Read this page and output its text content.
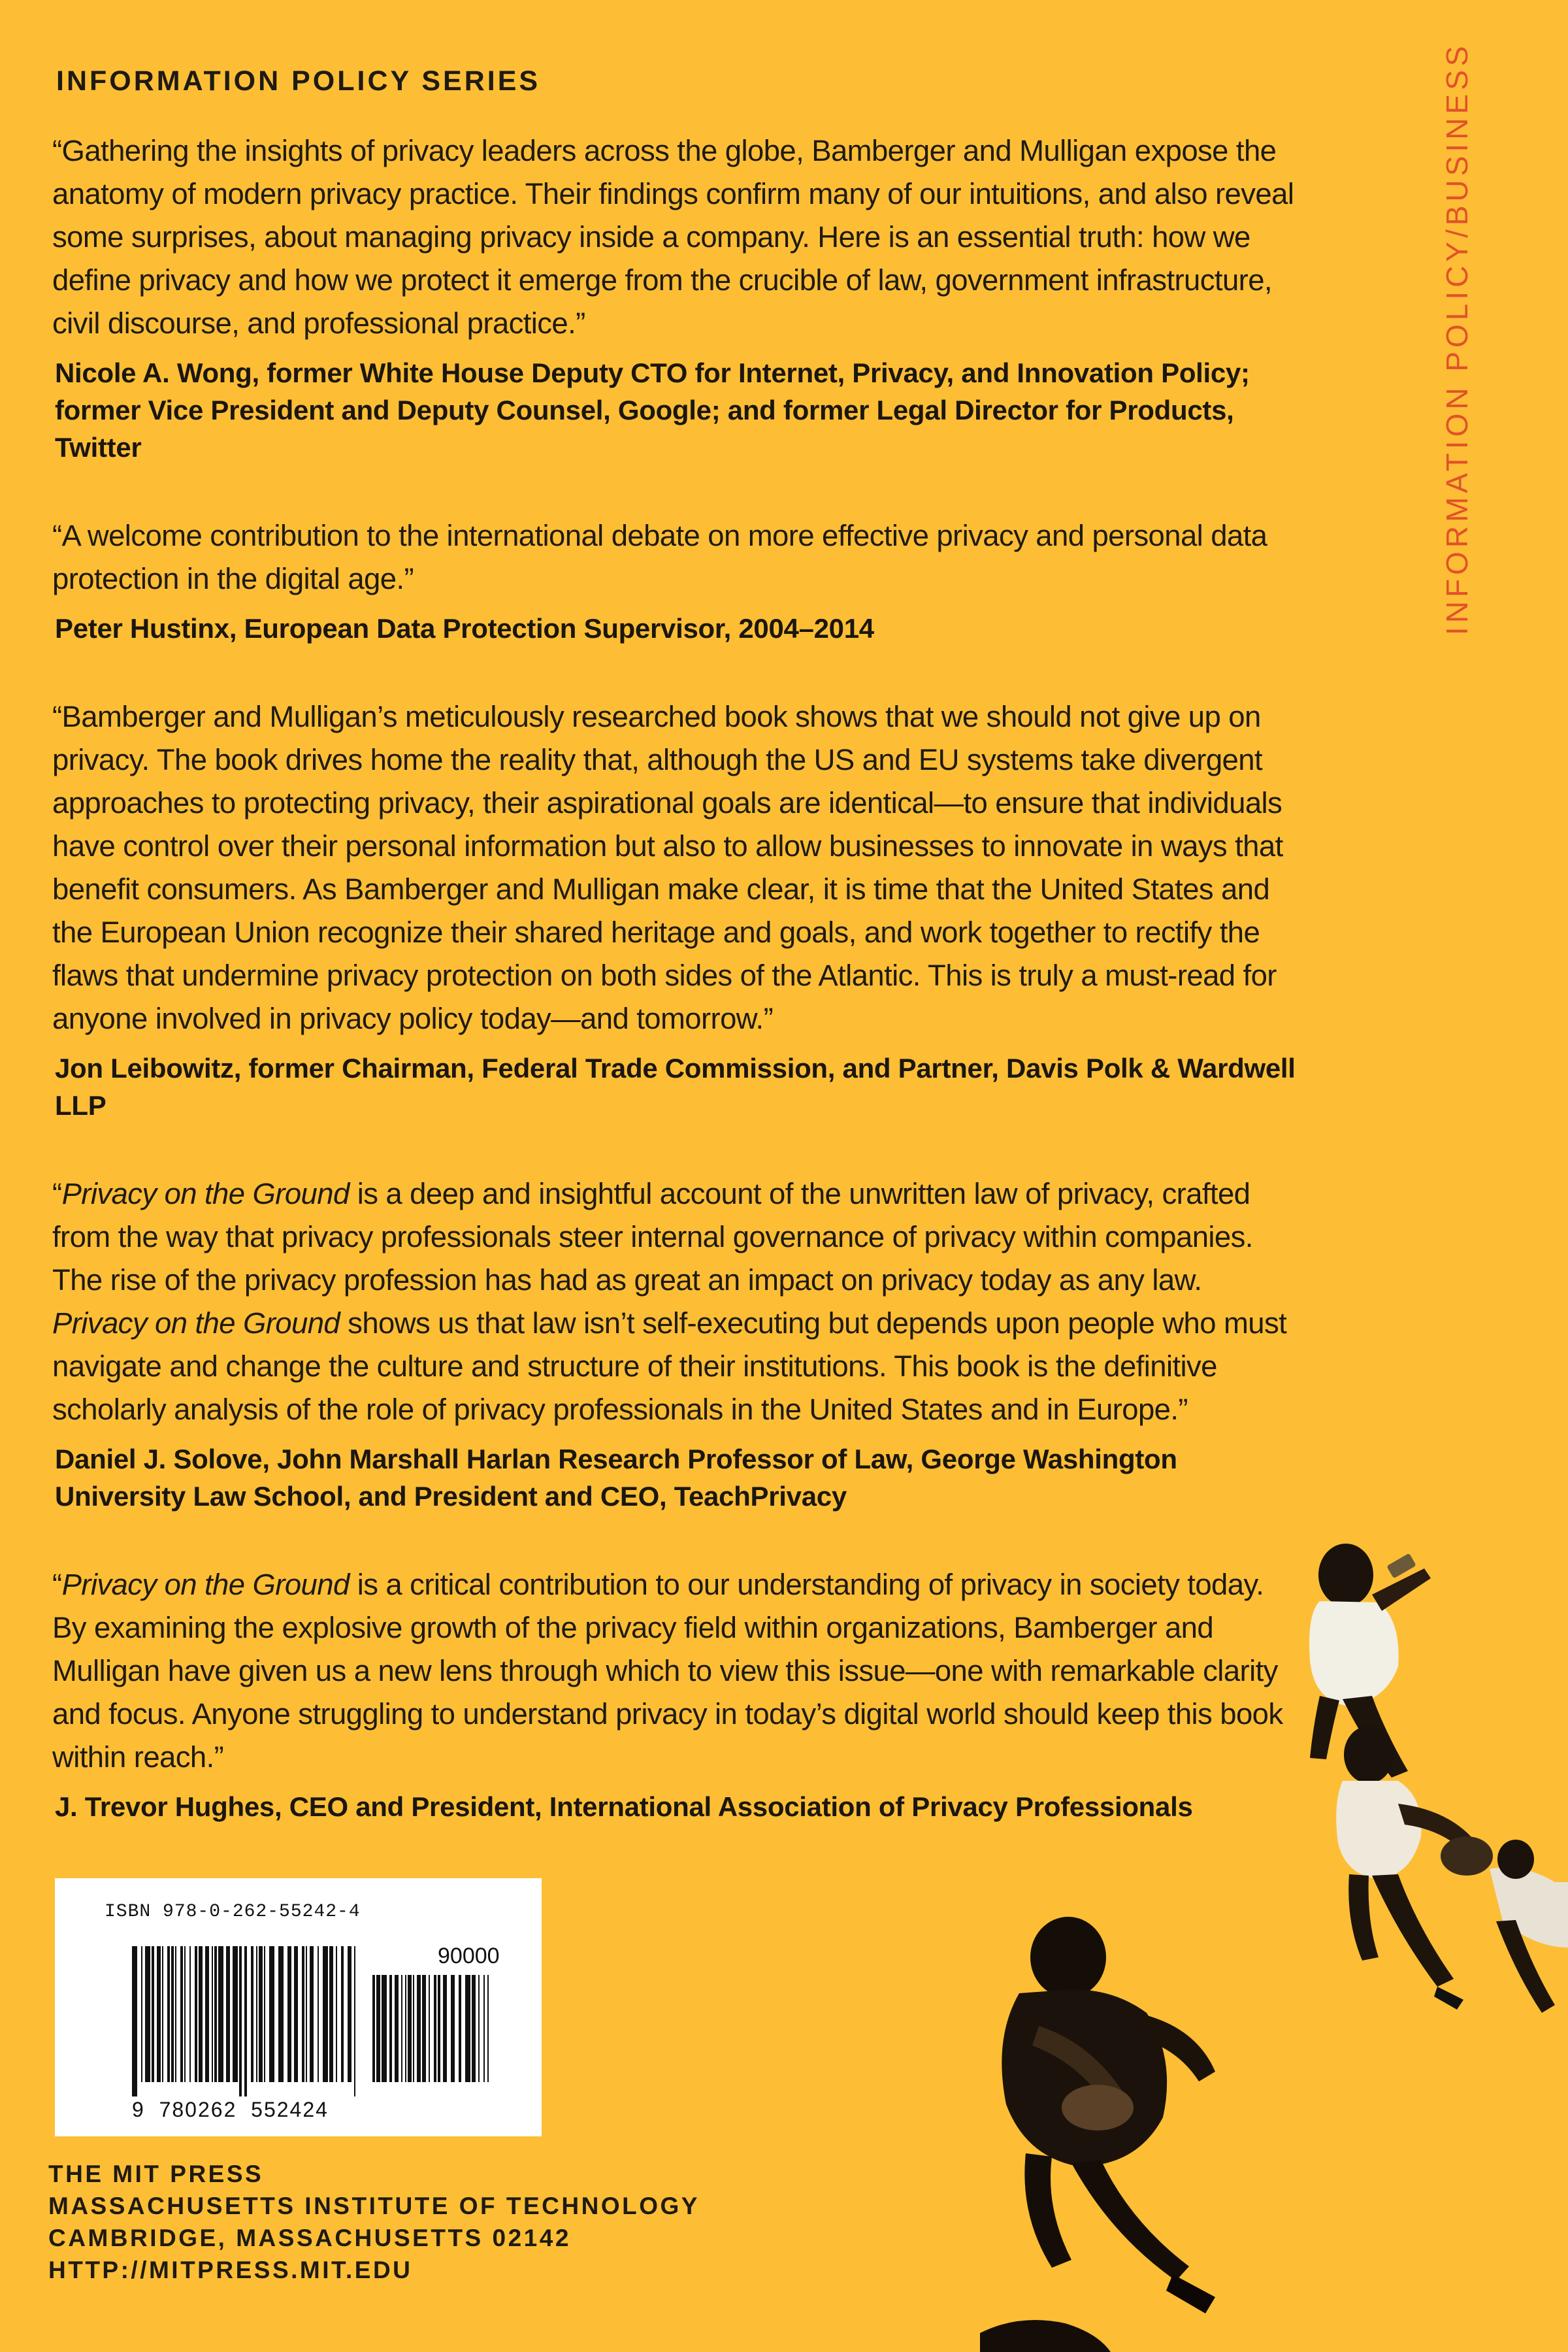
INFORMATION POLICY SERIES	INFORMATION POLICY/BUSINESS
“Gathering the insights of privacy leaders across the globe, Bamberger and Mulligan expose the anatomy of modern privacy practice. Their findings confirm many of our intuitions, and also reveal some surprises, about managing privacy inside a company. Here is an essential truth: how we define privacy and how we protect it emerge from the crucible of law, government infrastructure, civil discourse, and professional practice.”
Nicole A. Wong, former White House Deputy CTO for Internet, Privacy, and Innovation Policy; former Vice President and Deputy Counsel, Google; and former Legal Director for Products, Twitter
“A welcome contribution to the international debate on more effective privacy and personal data protection in the digital age.”
Peter Hustinx, European Data Protection Supervisor, 2004–2014
“Bamberger and Mulligan’s meticulously researched book shows that we should not give up on privacy. The book drives home the reality that, although the US and EU systems take divergent approaches to protecting privacy, their aspirational goals are identical—to ensure that individuals have control over their personal information but also to allow businesses to innovate in ways that benefit consumers. As Bamberger and Mulligan make clear, it is time that the United States and the European Union recognize their shared heritage and goals, and work together to rectify the flaws that undermine privacy protection on both sides of the Atlantic. This is truly a must-read for anyone involved in privacy policy today—and tomorrow.”
Jon Leibowitz, former Chairman, Federal Trade Commission, and Partner, Davis Polk & Wardwell LLP
“Privacy on the Ground is a deep and insightful account of the unwritten law of privacy, crafted from the way that privacy professionals steer internal governance of privacy within companies. The rise of the privacy profession has had as great an impact on privacy today as any law. Privacy on the Ground shows us that law isn’t self-executing but depends upon people who must navigate and change the culture and structure of their institutions. This book is the definitive scholarly analysis of the role of privacy professionals in the United States and in Europe.”
Daniel J. Solove, John Marshall Harlan Research Professor of Law, George Washington University Law School, and President and CEO, TeachPrivacy
“Privacy on the Ground is a critical contribution to our understanding of privacy in society today. By examining the explosive growth of the privacy field within organizations, Bamberger and Mulligan have given us a new lens through which to view this issue—one with remarkable clarity and focus. Anyone struggling to understand privacy in today’s digital world should keep this book within reach.”
J. Trevor Hughes, CEO and President, International Association of Privacy Professionals
ISBN 978-0-262-55242-4
90000
9 780262 552424
THE MIT PRESS
MASSACHUSETTS INSTITUTE OF TECHNOLOGY
CAMBRIDGE, MASSACHUSETTS 02142
HTTP://MITPRESS.MIT.EDU
